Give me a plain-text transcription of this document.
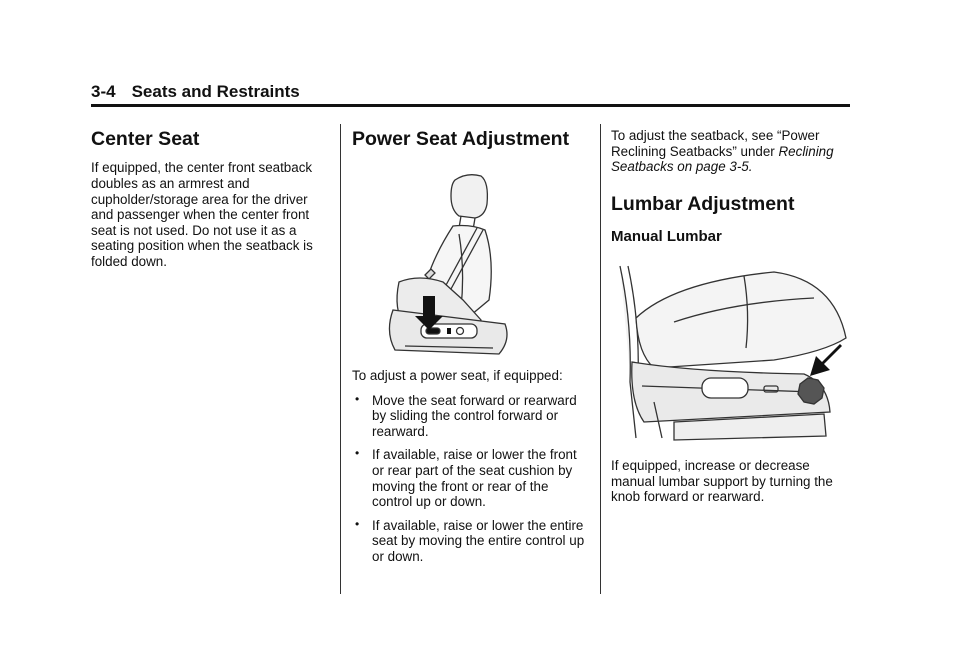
3-4 Seats and Restraints
Center Seat

If equipped, the center front seatback doubles as an armrest and cupholder/storage area for the driver and passenger when the center front seat is not used. Do not use it as a seating position when the seatback is folded down.

Power Seat Adjustment

To adjust a power seat, if equipped:

• Move the seat forward or rearward by sliding the control forward or rearward.
• If available, raise or lower the front or rear part of the seat cushion by moving the front or rear of the control up or down.
• If available, raise or lower the entire seat by moving the entire control up or down.

To adjust the seatback, see “Power Reclining Seatbacks” under Reclining Seatbacks on page 3-5.

Lumbar Adjustment
Manual Lumbar

If equipped, increase or decrease manual lumbar support by turning the knob forward or rearward.
